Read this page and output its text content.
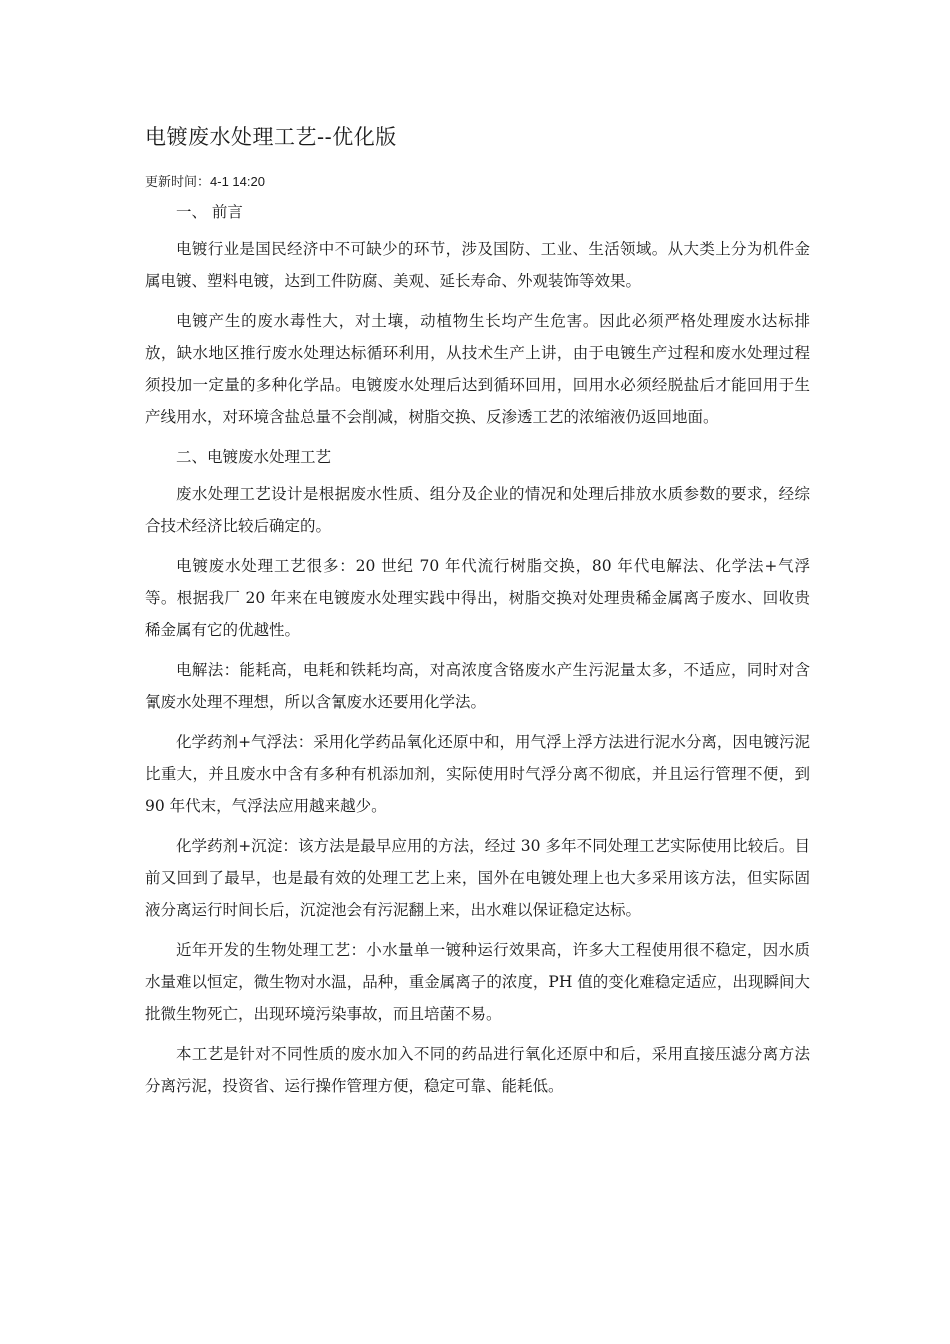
电镀废水处理工艺--优化版
更新时间：4-1 14:20

一、 前言

电镀行业是国民经济中不可缺少的环节，涉及国防、工业、生活领域。从大类上分为机件金属电镀、塑料电镀，达到工件防腐、美观、延长寿命、外观装饰等效果。

电镀产生的废水毒性大，对土壤，动植物生长均产生危害。因此必须严格处理废水达标排放，缺水地区推行废水处理达标循环利用，从技术生产上讲，由于电镀生产过程和废水处理过程须投加一定量的多种化学品。电镀废水处理后达到循环回用，回用水必须经脱盐后才能回用于生产线用水，对环境含盐总量不会削减，树脂交换、反渗透工艺的浓缩液仍返回地面。

二、电镀废水处理工艺

废水处理工艺设计是根据废水性质、组分及企业的情况和处理后排放水质参数的要求，经综合技术经济比较后确定的。

电镀废水处理工艺很多：20 世纪 70 年代流行树脂交换，80 年代电解法、化学法+气浮等。根据我厂 20 年来在电镀废水处理实践中得出，树脂交换对处理贵稀金属离子废水、回收贵稀金属有它的优越性。

电解法：能耗高，电耗和铁耗均高，对高浓度含铬废水产生污泥量太多，不适应，同时对含氰废水处理不理想，所以含氰废水还要用化学法。

化学药剂+气浮法：采用化学药品氧化还原中和，用气浮上浮方法进行泥水分离，因电镀污泥比重大，并且废水中含有多种有机添加剂，实际使用时气浮分离不彻底，并且运行管理不便，到 90 年代末，气浮法应用越来越少。

化学药剂+沉淀：该方法是最早应用的方法，经过 30 多年不同处理工艺实际使用比较后。目前又回到了最早，也是最有效的处理工艺上来，国外在电镀处理上也大多采用该方法，但实际固液分离运行时间长后，沉淀池会有污泥翻上来，出水难以保证稳定达标。

近年开发的生物处理工艺：小水量单一镀种运行效果高，许多大工程使用很不稳定，因水质水量难以恒定，微生物对水温，品种，重金属离子的浓度，PH 值的变化难稳定适应，出现瞬间大批微生物死亡，出现环境污染事故，而且培菌不易。

本工艺是针对不同性质的废水加入不同的药品进行氧化还原中和后，采用直接压滤分离方法分离污泥，投资省、运行操作管理方便，稳定可靠、能耗低。
